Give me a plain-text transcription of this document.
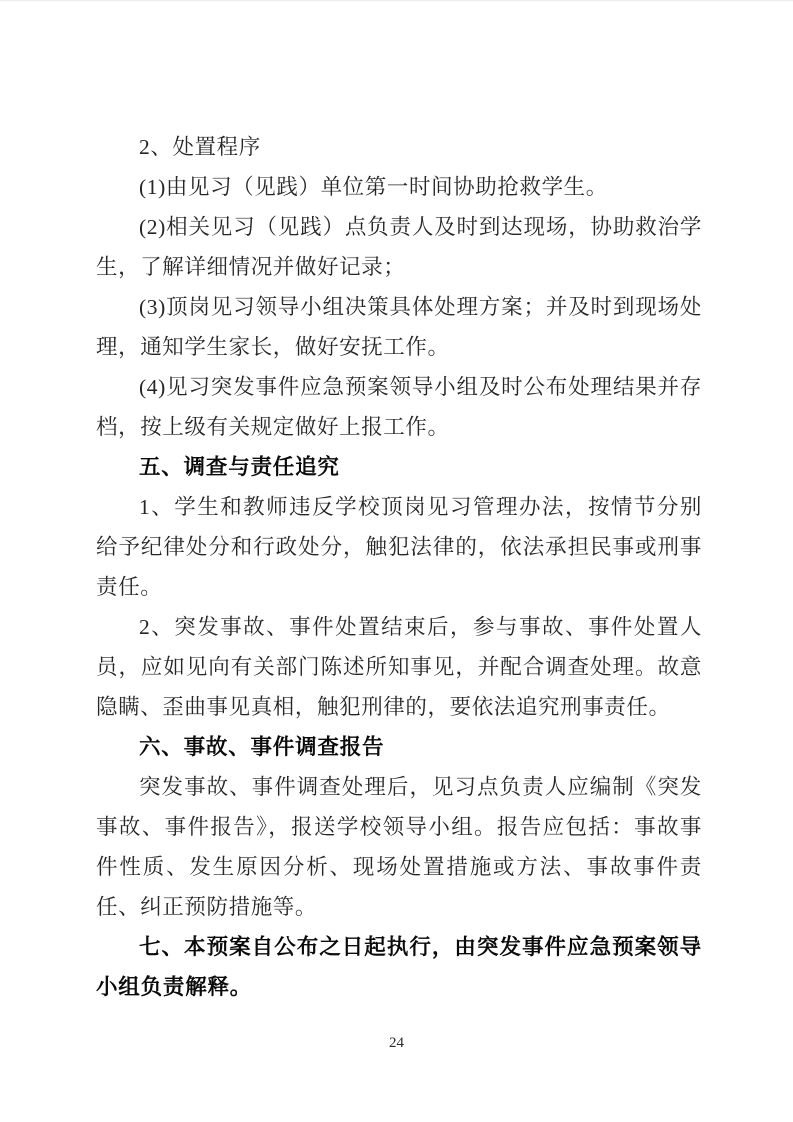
2、处置程序

(1)由见习（见践）单位第一时间协助抢救学生。

(2)相关见习（见践）点负责人及时到达现场，协助救治学生，了解详细情况并做好记录；

(3)顶岗见习领导小组决策具体处理方案；并及时到现场处理，通知学生家长，做好安抚工作。

(4)见习突发事件应急预案领导小组及时公布处理结果并存档，按上级有关规定做好上报工作。

五、调查与责任追究

1、学生和教师违反学校顶岗见习管理办法，按情节分别给予纪律处分和行政处分，触犯法律的，依法承担民事或刑事责任。

2、突发事故、事件处置结束后，参与事故、事件处置人员，应如见向有关部门陈述所知事见，并配合调查处理。故意隐瞒、歪曲事见真相，触犯刑律的，要依法追究刑事责任。

六、事故、事件调查报告

突发事故、事件调查处理后，见习点负责人应编制《突发事故、事件报告》，报送学校领导小组。报告应包括：事故事件性质、发生原因分析、现场处置措施或方法、事故事件责任、纠正预防措施等。

七、本预案自公布之日起执行，由突发事件应急预案领导小组负责解释。

24
